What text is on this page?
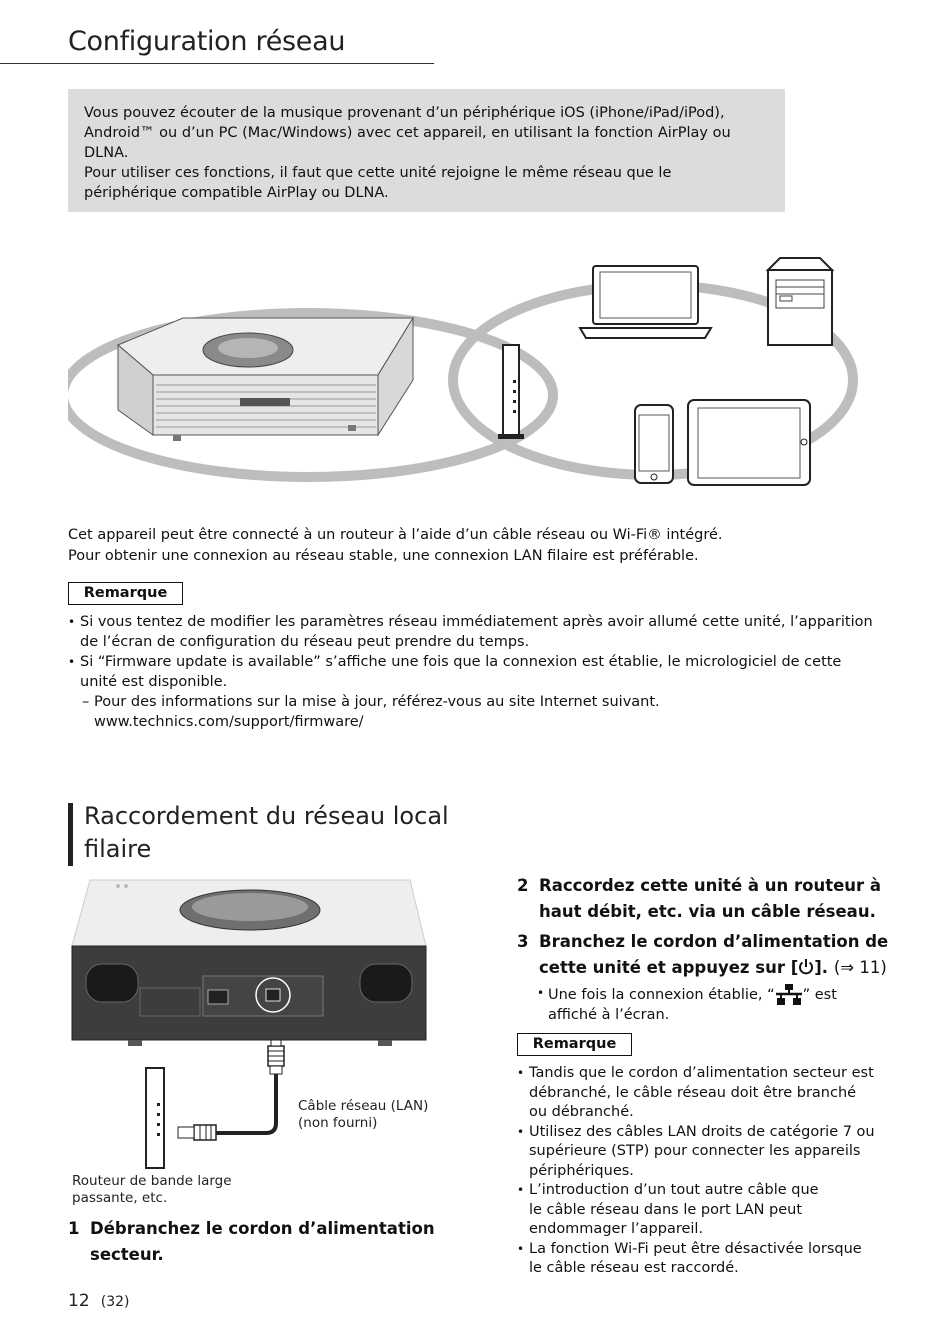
Configuration réseau

Vous pouvez écouter de la musique provenant d’un périphérique iOS (iPhone/iPad/iPod),

Android™ ou d’un PC (Mac/Windows) avec cet appareil, en utilisant la fonction AirPlay ou

DLNA.

Pour utiliser ces fonctions, il faut que cette unité rejoigne le même réseau que le

périphérique compatible AirPlay ou DLNA.

Cet appareil peut être connecté à un routeur à l’aide d’un câble réseau ou Wi-Fi® intégré.

Pour obtenir une connexion au réseau stable, une connexion LAN filaire est préférable.

Remarque
• Si vous tentez de modifier les paramètres réseau immédiatement après avoir allumé cette unité, l’apparition
de l’écran de configuration du réseau peut prendre du temps.
• Si “Firmware update is available” s’affiche une fois que la connexion est établie, le micrologiciel de cette
unité est disponible.
– Pour des informations sur la mise à jour, référez-vous au site Internet suivant.
www.technics.com/support/firmware/
Raccordement du réseau local
filaire
Câble réseau (LAN)
(non fourni)
Routeur de bande large
passante, etc.
1 Débranchez le cordon d’alimentation
secteur.
2 Raccordez cette unité à un routeur à
haut débit, etc. via un câble réseau.
3 Branchez le cordon d’alimentation de
cette unité et appuyez sur [ ]. (⇒ 11)
• Une fois la connexion établie, “ ” est
affiché à l’écran.
Remarque
• Tandis que le cordon d’alimentation secteur est
débranché, le câble réseau doit être branché
ou débranché.
• Utilisez des câbles LAN droits de catégorie 7 ou
supérieure (STP) pour connecter les appareils
périphériques.
• L’introduction d’un tout autre câble que
le câble réseau dans le port LAN peut
endommager l’appareil.
• La fonction Wi-Fi peut être désactivée lorsque
le câble réseau est raccordé.
12 (32)
